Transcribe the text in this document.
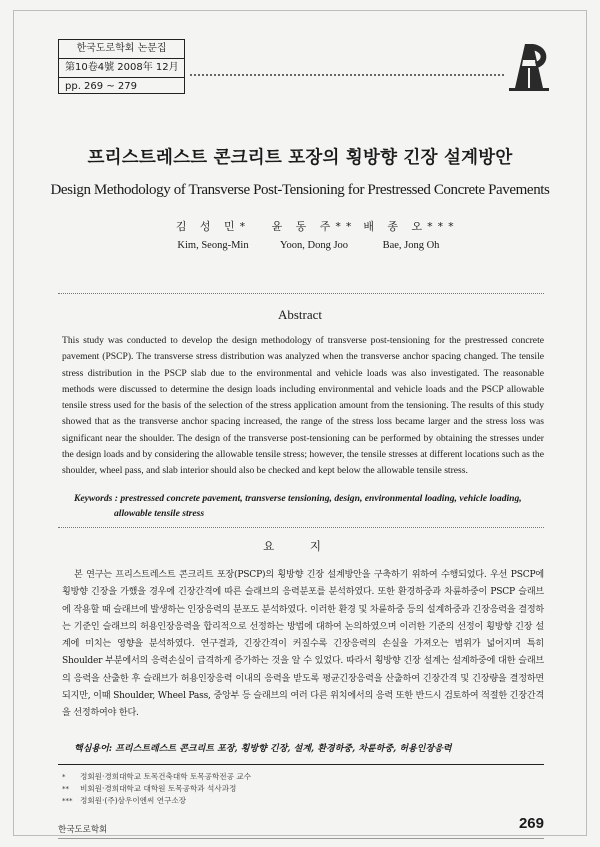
한국도로학회 논문집
第10卷4號 2008年 12月
pp. 269 ~ 279
프리스트레스트 콘크리트 포장의 횡방향 긴장 설계방안
Design Methodology of Transverse Post-Tensioning for Prestressed Concrete Pavements
김 성 민*
Kim, Seong-Min
윤 동 주**
Yoon, Dong Joo
배 종 오***
Bae, Jong Oh
Abstract
This study was conducted to develop the design methodology of transverse post-tensioning for the prestressed concrete pavement (PSCP). The transverse stress distribution was analyzed when the transverse anchor spacing changed. The tensile stress distribution in the PSCP slab due to the environmental and vehicle loads was also investigated. The reasonable methods were discussed to determine the design loads including environmental and vehicle loads and the PSCP allowable tensile stress used for the basis of the selection of the stress application amount from the tensioning. The results of this study showed that as the transverse anchor spacing increased, the range of the stress loss became larger and the stress loss was significant near the shoulder. The design of the transverse post-tensioning can be performed by obtaining the stresses under the design loads and by considering the allowable tensile stress; however, the tensile stresses at different locations such as the shoulder, wheel pass, and slab interior should also be checked and kept below the allowable tensile stress.
Keywords : prestressed concrete pavement, transverse tensioning, design, environmental loading, vehicle loading,
allowable tensile stress
요 지
본 연구는 프리스트레스트 콘크리트 포장(PSCP)의 횡방향 긴장 설계방안을 구축하기 위하여 수행되었다. 우선 PSCP에 횡방향 긴장을 가했을 경우에 긴장간격에 따른 슬래브의 응력분포를 분석하였다. 또한 환경하중과 차륜하중이 PSCP 슬래브에 작용할 때 슬래브에 발생하는 인장응력의 분포도 분석하였다. 이러한 환경 및 차륜하중 등의 설계하중과 긴장응력을 결정하는 기준인 슬래브의 허용인장응력을 합리적으로 선정하는 방법에 대하여 논의하였으며 이러한 기준의 선정이 횡방향 긴장 설계에 미치는 영향을 분석하였다. 연구결과, 긴장간격이 커질수록 긴장응력의 손실을 가져오는 범위가 넓어지며 특히 Shoulder 부분에서의 응력손실이 급격하게 증가하는 것을 알 수 있었다. 따라서 횡방향 긴장 설계는 설계하중에 대한 슬래브의 응력을 산출한 후 슬래브가 허용인장응력 이내의 응력을 받도록 평균긴장응력을 산출하여 긴장간격 및 긴장량을 결정하면 되지만, 이때 Shoulder, Wheel Pass, 중앙부 등 슬래브의 여러 다른 위치에서의 응력 또한 반드시 검토하여 적절한 긴장간격을 선정하여야 한다.
핵심용어: 프리스트레스트 콘크리트 포장, 횡방향 긴장, 설계, 환경하중, 차륜하중, 허용인장응력
* 정회원·경희대학교 토목건축대학 토목공학전공 교수
** 비회원·경희대학교 대학원 토목공학과 석사과정
*** 정회원·(주)삼우이엔씨 연구소장
한국도로학회	269
